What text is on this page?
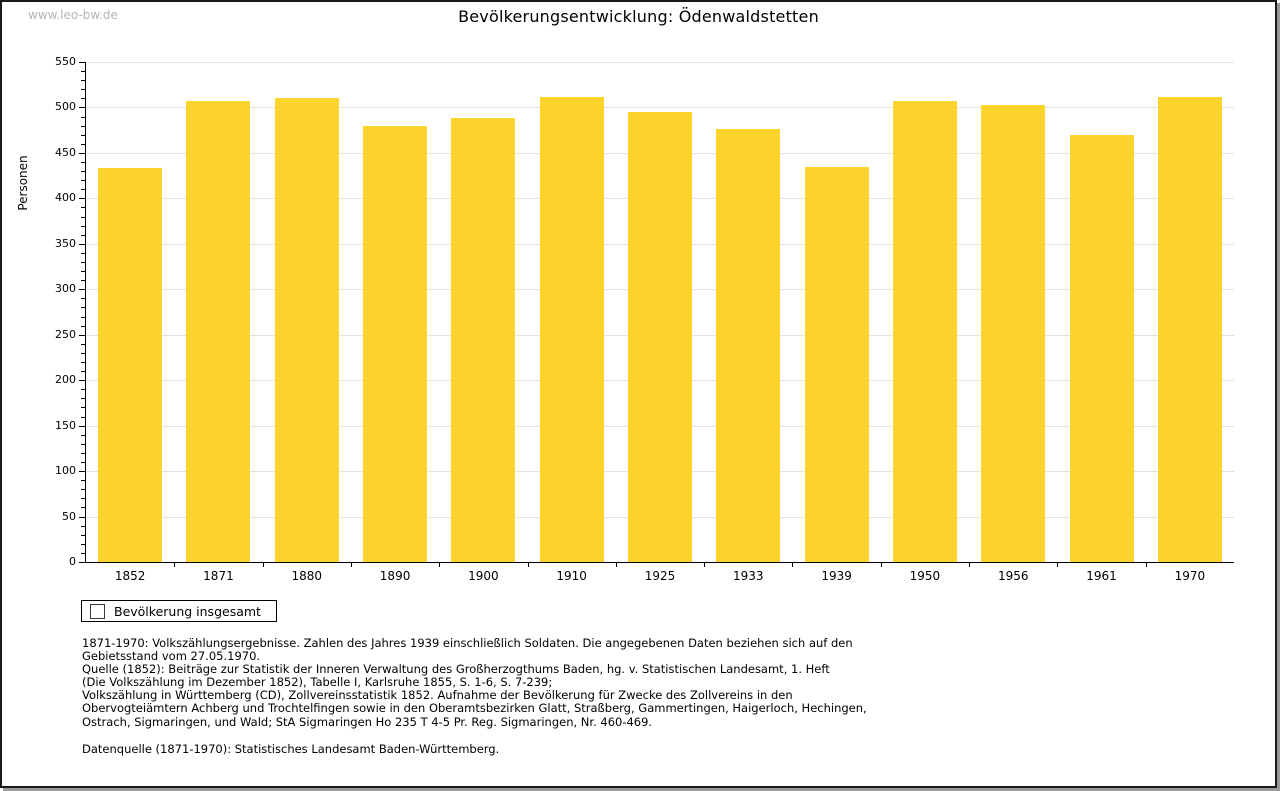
www.leo-bw.de	Bevölkerungsentwicklung: Ödenwaldstetten
Personen
0
50
100
150
200
250
300
350
400
450
500
550
1852	1871	1880	1890	1900	1910	1925	1933	1939	1950	1956	1961	1970
Bevölkerung insgesamt
1871-1970: Volkszählungsergebnisse. Zahlen des Jahres 1939 einschließlich Soldaten. Die angegebenen Daten beziehen sich auf den
Gebietsstand vom 27.05.1970.
Quelle (1852): Beiträge zur Statistik der Inneren Verwaltung des Großherzogthums Baden, hg. v. Statistischen Landesamt, 1. Heft
(Die Volkszählung im Dezember 1852), Tabelle I, Karlsruhe 1855, S. 1-6, S. 7-239;
Volkszählung in Württemberg (CD), Zollvereinsstatistik 1852. Aufnahme der Bevölkerung für Zwecke des Zollvereins in den
Obervogteiämtern Achberg und Trochtelfingen sowie in den Oberamtsbezirken Glatt, Straßberg, Gammertingen, Haigerloch, Hechingen,
Ostrach, Sigmaringen, und Wald; StA Sigmaringen Ho 235 T 4-5 Pr. Reg. Sigmaringen, Nr. 460-469.
Datenquelle (1871-1970): Statistisches Landesamt Baden-Württemberg.
